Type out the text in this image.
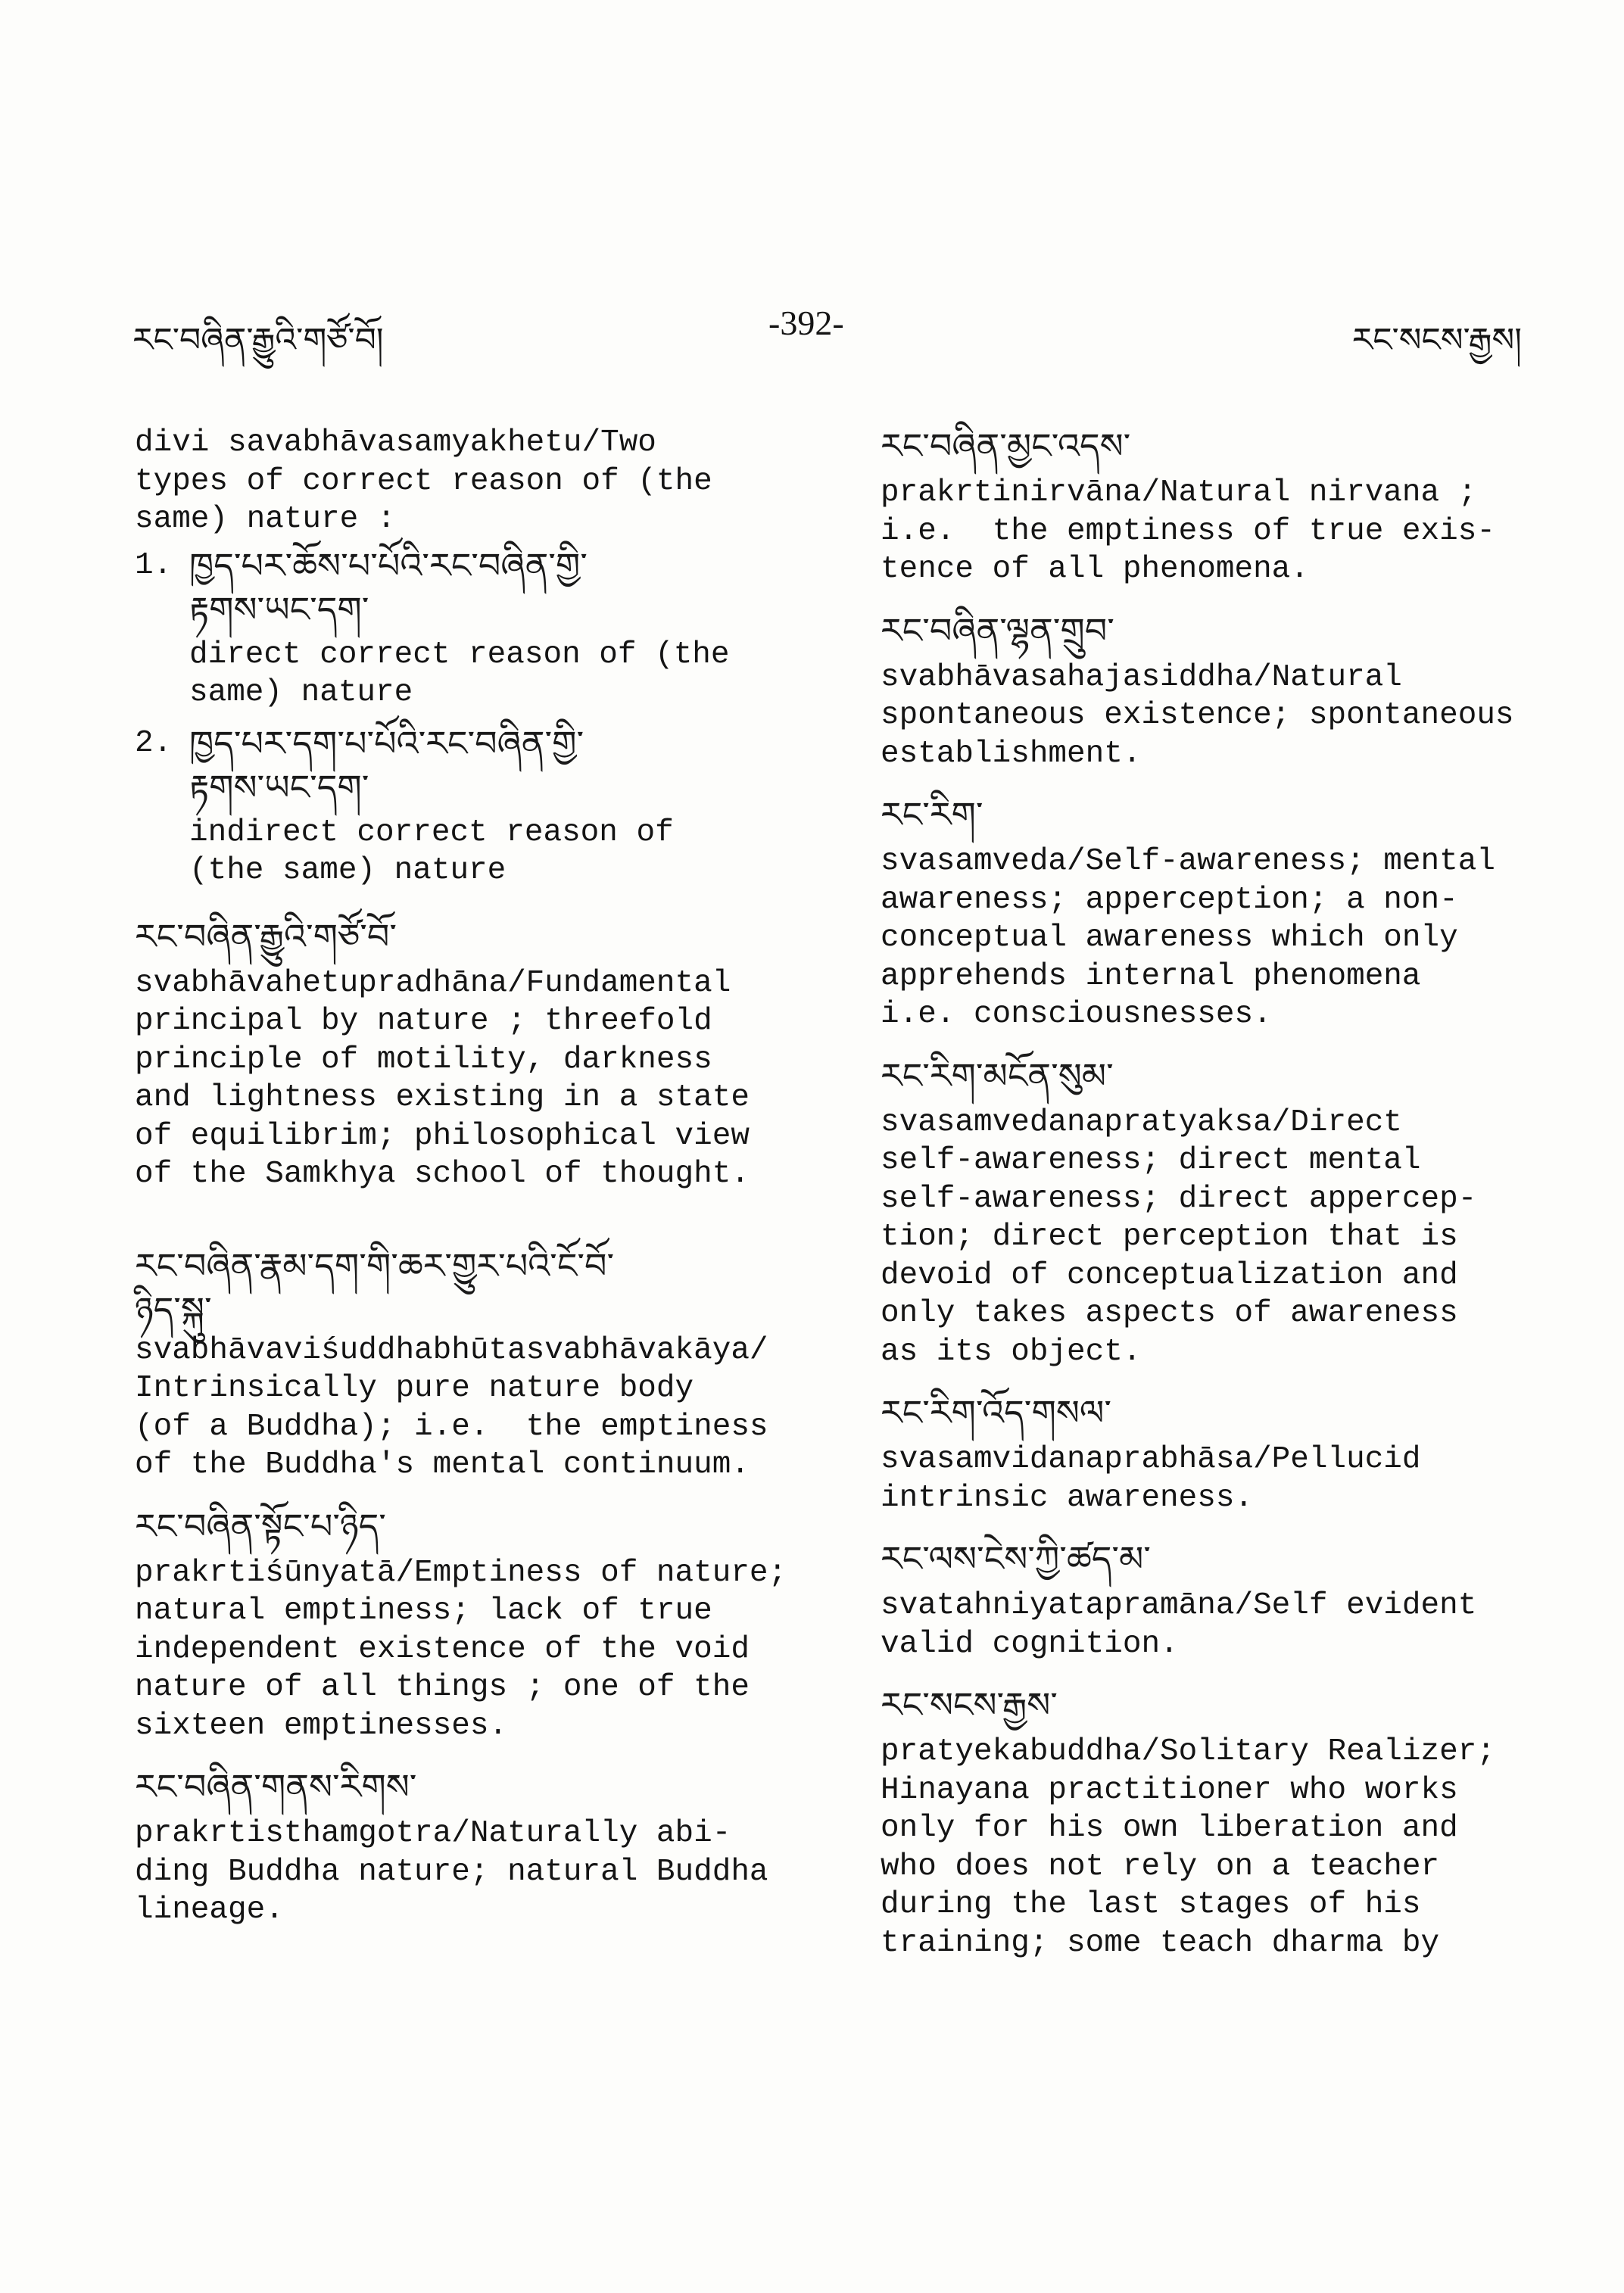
རང་བཞིན་རྒྱུའི་གཙོ་བོ།	-392-	རང་སངས་རྒྱས།

divi savabhāvasamyakhetu/Two
types of correct reason of (the
same) nature :

1. ཁྱད་པར་ཆོས་པ་པོའི་རང་བཞིན་གྱི་
རྟགས་ཡང་དག་

direct correct reason of (the
same) nature

2. ཁྱད་པར་དག་པ་པོའི་རང་བཞིན་གྱི་
རྟགས་ཡང་དག་

indirect correct reason of
(the same) nature

རང་བཞིན་རྒྱུའི་གཙོ་བོ་

svabhāvahetupradhāna/Fundamental
principal by nature ; threefold
principle of motility, darkness
and lightness existing in a state
of equilibrim; philosophical view
of the Samkhya school of thought.

རང་བཞིན་རྣམ་དག་གི་ཆར་གྱུར་པའི་ངོ་བོ་
ཉིད་སྐུ་

svabhāvaviśuddhabhūtasvabhāvakāya/
Intrinsically pure nature body
(of a Buddha); i.e.  the emptiness
of the Buddha's mental continuum.

རང་བཞིན་སྟོང་པ་ཉིད་

prakrtiśūnyatā/Emptiness of nature;
natural emptiness; lack of true
independent existence of the void
nature of all things ; one of the
sixteen emptinesses.

རང་བཞིན་གནས་རིགས་

prakrtisthamgotra/Naturally abi-
ding Buddha nature; natural Buddha
lineage.

རང་བཞིན་མྱང་འདས་

prakrtinirvāna/Natural nirvana ;
i.e.  the emptiness of true exis-
tence of all phenomena.

རང་བཞིན་ལྷན་གྲུབ་

svabhāvasahajasiddha/Natural
spontaneous existence; spontaneous
establishment.

རང་རིག་

svasamveda/Self-awareness; mental
awareness; apperception; a non-
conceptual awareness which only
apprehends internal phenomena
i.e. consciousnesses.

རང་རིག་མངོན་སུམ་

svasamvedanapratyaksa/Direct
self-awareness; direct mental
self-awareness; direct appercep-
tion; direct perception that is
devoid of conceptualization and
only takes aspects of awareness
as its object.

རང་རིག་འོད་གསལ་

svasamvidanaprabhāsa/Pellucid
intrinsic awareness.

རང་ལས་ངེས་ཀྱི་ཚད་མ་

svatahniyatapramāna/Self evident
valid cognition.

རང་སངས་རྒྱས་

pratyekabuddha/Solitary Realizer;
Hinayana practitioner who works
only for his own liberation and
who does not rely on a teacher
during the last stages of his
training; some teach dharma by
